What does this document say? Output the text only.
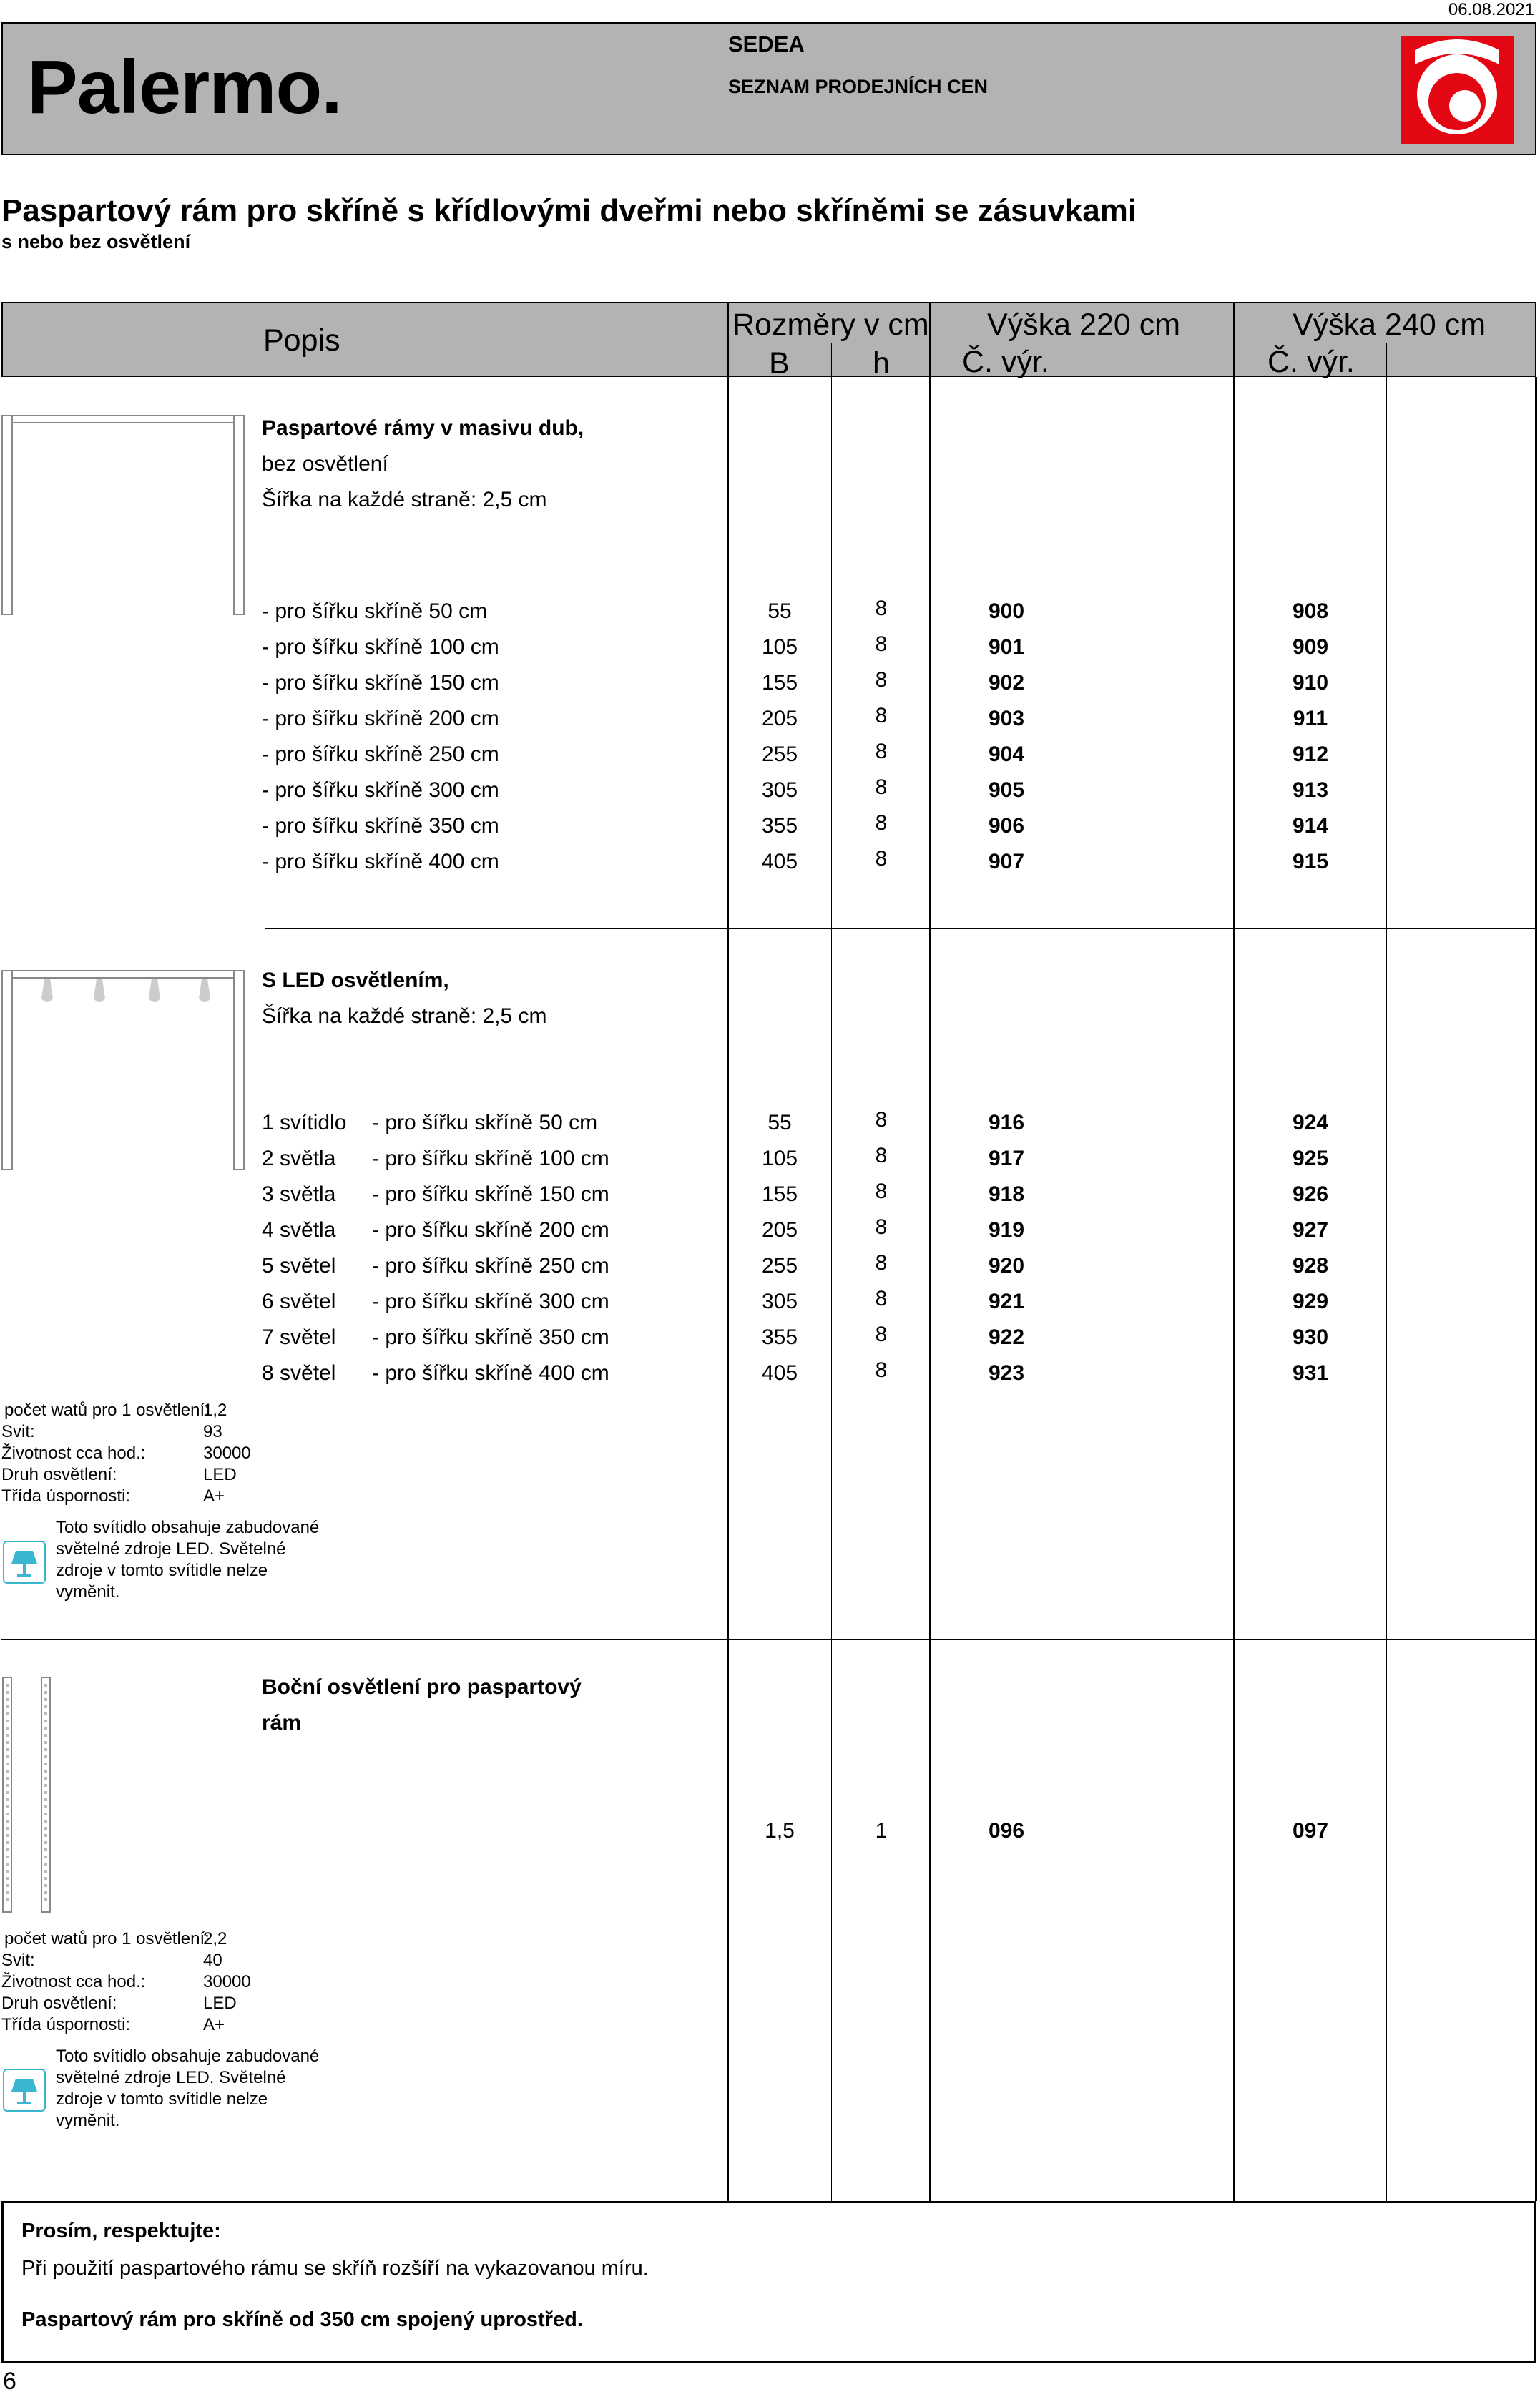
06.08.2021
Palermo.
SEDEA
SEZNAM PRODEJNÍCH CEN
Paspartový rám pro skříně s křídlovými dveřmi nebo skříněmi se zásuvkami
s nebo bez osvětlení
Popis	Rozměry v cm
B	h
Výška 220 cm	Výška 240 cm
Č. výr.	Č. výr.
Paspartové rámy v masivu dub,
bez osvětlení
Šířka na každé straně: 2,5 cm
- pro šířku skříně 50 cm	55	8	900	908
- pro šířku skříně 100 cm	105	8	901	909
- pro šířku skříně 150 cm	155	8	902	910
- pro šířku skříně 200 cm	205	8	903	911
- pro šířku skříně 250 cm	255	8	904	912
- pro šířku skříně 300 cm	305	8	905	913
- pro šířku skříně 350 cm	355	8	906	914
- pro šířku skříně 400 cm	405	8	907	915
S LED osvětlením,
Šířka na každé straně: 2,5 cm
1 svítidlo - pro šířku skříně 50 cm	55	8	916	924
2 světla - pro šířku skříně 100 cm	105	8	917	925
3 světla - pro šířku skříně 150 cm	155	8	918	926
4 světla - pro šířku skříně 200 cm	205	8	919	927
5 světel - pro šířku skříně 250 cm	255	8	920	928
6 světel - pro šířku skříně 300 cm	305	8	921	929
7 světel - pro šířku skříně 350 cm	355	8	922	930
8 světel - pro šířku skříně 400 cm	405	8	923	931
počet watů pro 1 osvětlení:
1,2
Svit:	93
Životnost cca hod.:	30000
Druh osvětlení:	LED
Třída úspornosti:	A+
Toto svítidlo obsahuje zabudované
světelné zdroje LED. Světelné
zdroje v tomto svítidle nelze
vyměnit.
Boční osvětlení pro paspartový
rám
1,5	1	096	097
počet watů pro 1 osvětlení:
2,2
Svit:	40
Životnost cca hod.:	30000
Druh osvětlení:	LED
Třída úspornosti:	A+
Toto svítidlo obsahuje zabudované
světelné zdroje LED. Světelné
zdroje v tomto svítidle nelze
vyměnit.
Prosím, respektujte:
Při použití paspartového rámu se skříň rozšíří na vykazovanou míru.
Paspartový rám pro skříně od 350 cm spojený uprostřed.
6
